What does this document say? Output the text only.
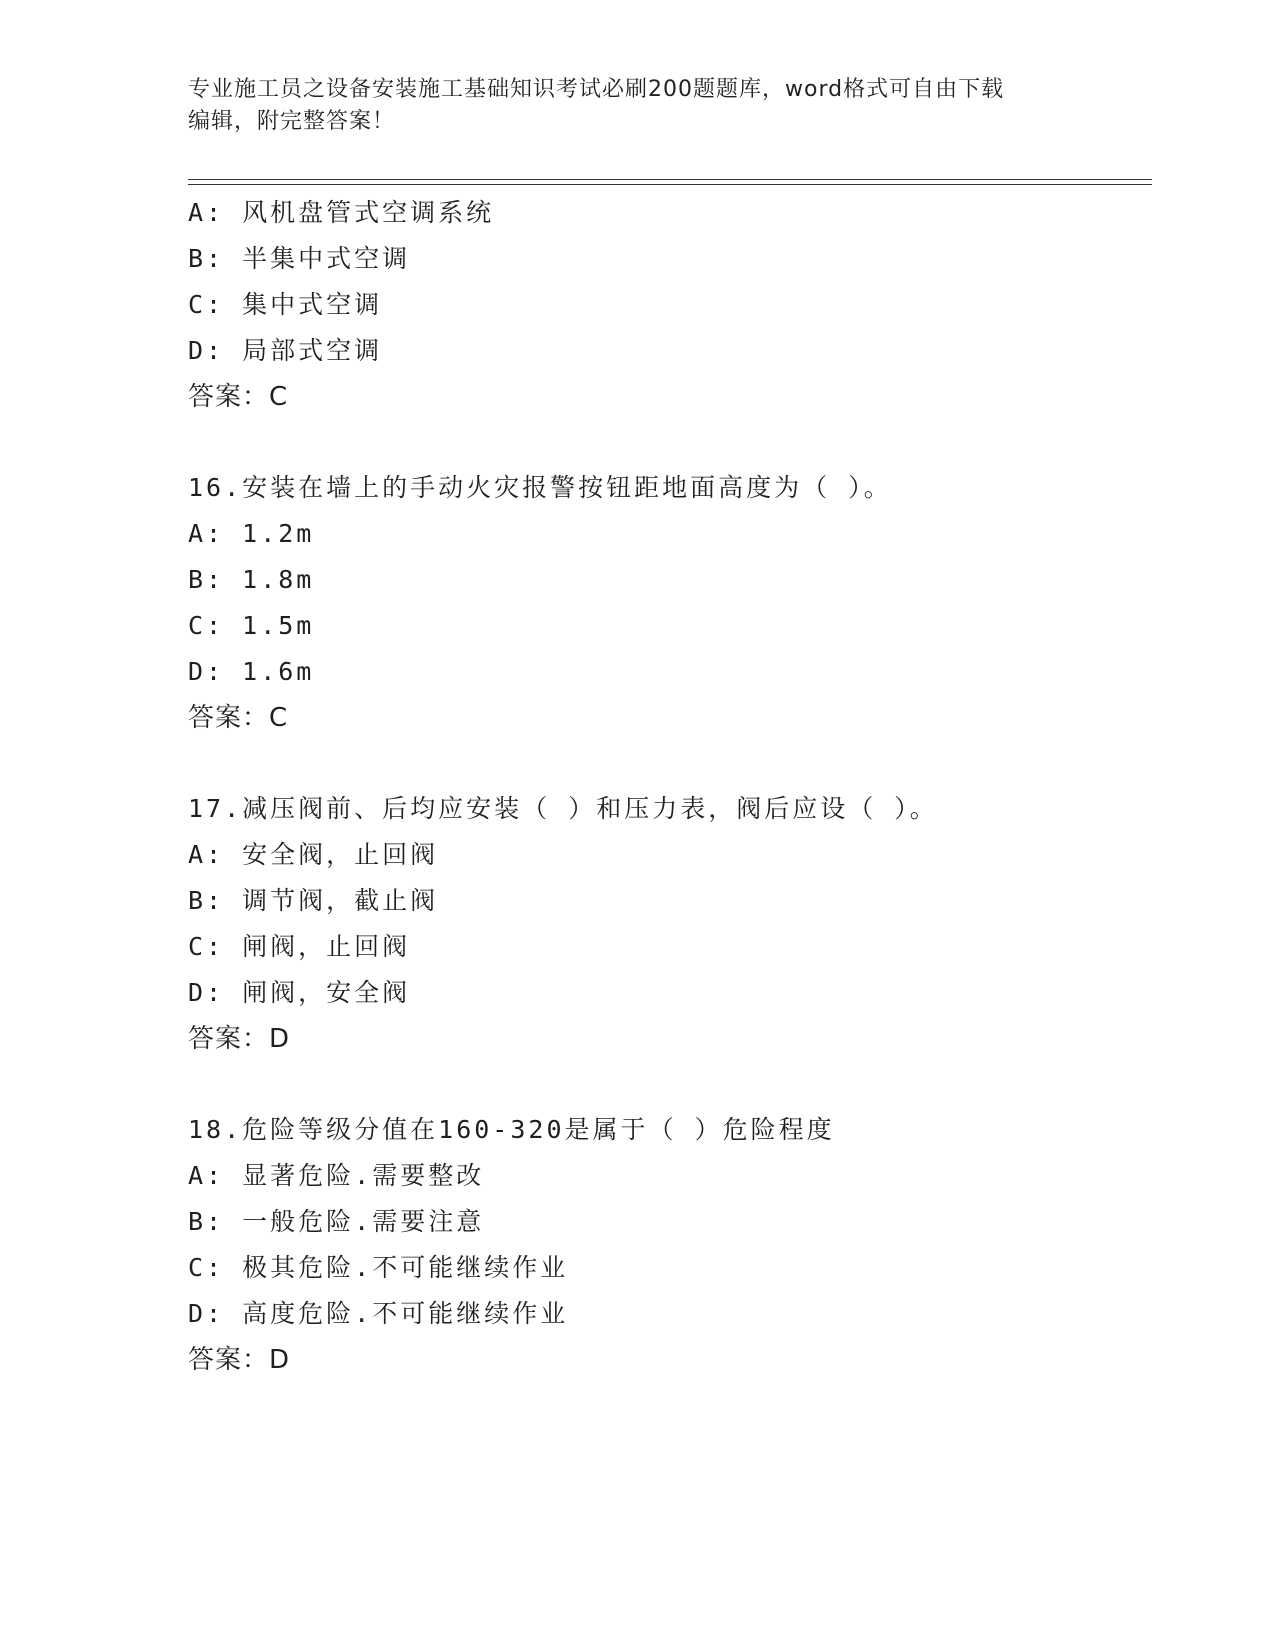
专业施工员之设备安装施工基础知识考试必刷200题题库，word格式可自由下载
编辑，附完整答案！
A: 风机盘管式空调系统
B: 半集中式空调
C: 集中式空调
D: 局部式空调
答案：C
16.安装在墙上的手动火灾报警按钮距地面高度为（ ）。
A: 1.2m
B: 1.8m
C: 1.5m
D: 1.6m
答案：C
17.减压阀前、后均应安装（ ）和压力表，阀后应设（ ）。
A: 安全阀，止回阀
B: 调节阀，截止阀
C: 闸阀，止回阀
D: 闸阀，安全阀
答案：D
18.危险等级分值在160-320是属于（ ）危险程度
A: 显著危险.需要整改
B: 一般危险.需要注意
C: 极其危险.不可能继续作业
D: 高度危险.不可能继续作业
答案：D
